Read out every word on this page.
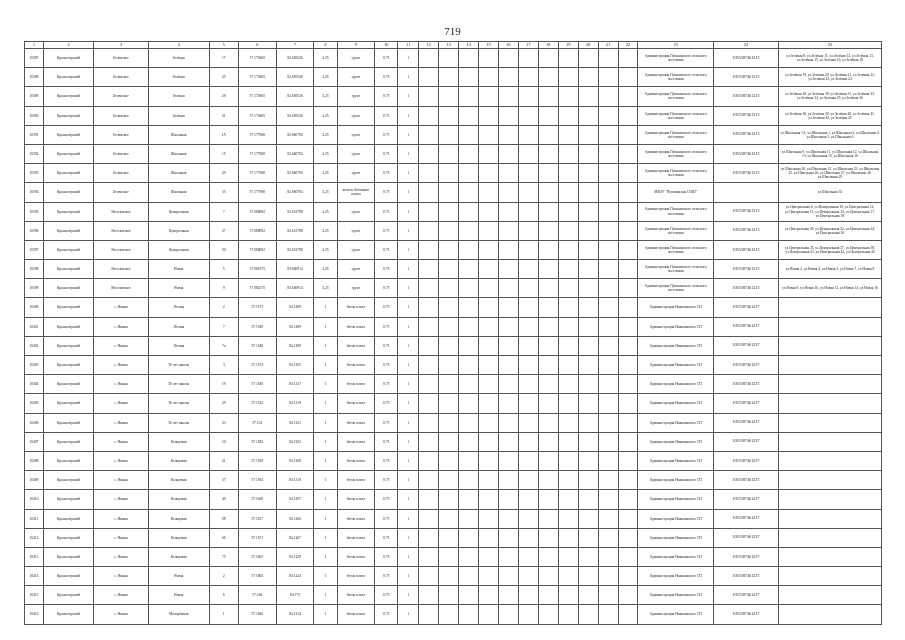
719
1	2	3	4	5	6	7	8	9	10	11	12	13	14	15	16	17	18	19	20	21	22	23	24	25
10387	Краснозерский	Беленское	Зелёная	17	57.173665	82.656526	2.25	грунт	0.75	1												Администрация Пушкинского сельского поселения	1055307461215	ул.Зелёная 8, ул.Зелёная 11, ул.Зелёная 12, ул.Зелёная 13, ул.Зелёная 15, ул.Зелёная 16, ул.Зелёная 18
10388	Краснозерский	Беленское	Зелёная	25	57.173665	82.650526	2.25	грунт	0.75	1												Администрация Пушкинского сельского поселения	1055307461215	ул.Зелёная 19, ул.Зелёная 20, ул.Зелёная 21, ул.Зелёная 22, ул.Зелёная 23, ул.Зелёная 24
10389	Краснозерский	Беленское	Зелёная	28	57.173665	82.650526	2.25	грунт	0.75	1												Администрация Пушкинского сельского поселения	1055307461215	ул.Зелёная 28, ул.Зелёная 30, ул.Зелёная 31, ул.Зелёная 33, ул.Зелёная 34, ул.Зелёная 35, ул.Зелёная 36
10390	Краснозерский	Беленское	Зелёная	31	57.173665	82.650526	2.25	грунт	0.75	1												Администрация Пушкинского сельского поселения	1055307461215	ул.Зелёная 38, ул.Зелёная 39, ул.Зелёная 40, ул.Зелёная 41, ул.Зелёная 43, ул.Зелёная 45
10391	Краснозерский	Беленское	Школьная	1А	57.177968	82.660784	2.25	грунт	0.75	1												Администрация Пушкинского сельского поселения	1055307461215	ул.Школьная 1А, ул.Школьная 1, ул.Школьная 2, ул.Школьная 4, ул.Школьная 5, ул.Школьная 6
10392	Краснозерский	Беленское	Школьная	15	57.177968	82.660784	2.25	грунт	0.75	1												Администрация Пушкинского сельского поселения	1055307461215	ул.Школьная 9, ул.Школьная 11, ул.Школьная 12, ул.Школьная 13, ул.Школьная 15, ул.Школьная 16
10393	Краснозерский	Беленское	Школьная	29	57.177968	82.660784	2.25	грунт	0.75	1												Администрация Пушкинского сельского поселения	1055307461215	ул.Школьная 20, ул.Школьная 21, ул.Школьная 23, ул.Школьная 25, ул.Школьная 26, ул.Школьная 27, ул.Школьная 28, ул.Школьная 29
10394	Краснозерский	Беленское	Школьная	35	57.177968	82.660784	2.25	железо-бетонные плиты	0.75	1												МБОУ "Пушкинская СОШ"		ул.Школьная 35
10395	Краснозерский	Веселовское	Центральная	7	57.080092	82.631788	2.25	грунт	0.75	1												Администрация Пушкинского сельского поселения	1055307461215	ул.Центральная 6, ул.Центральная 10, ул.Центральная 12, ул.Центральная 13, ул.Центральная 14, ул.Центральная 17, ул.Центральная 18
10396	Краснозерский	Веселовское	Центральная	27	57.080092	82.631788	2.25	грунт	0.75	1												Администрация Пушкинского сельского поселения	1055307461215	ул.Центральная 20, ул.Центральная 22, ул.Центральная 24, ул.Центральная 26
10397	Краснозерский	Веселовское	Центральная	50	57.080092	82.631788	2.25	грунт	0.75	1												Администрация Пушкинского сельского поселения	1055307461215	ул.Центральная 35, ул.Центральная 37, ул.Центральная 39, ул.Центральная 41, ул.Центральная 42, ул.Центральная 45
10398	Краснозерский	Веселовское	Новая	5	57.082375	83.640914	2.25	грунт	0.75	1												Администрация Пушкинского сельского поселения	1055307461215	ул.Новая 2, ул.Новая 4, ул.Новая 5, ул.Новая 7, ул.Новая 8
10399	Краснозерский	Веселовское	Новая	9	57.082375	83.640914	2.25	грунт	0.75	1												Администрация Пушкинского сельского поселения	1055307461215	ул.Новая 9, ул.Новая 10, ул.Новая 12, ул.Новая 14, ул.Новая 16
10400	Краснозерский	с. Нижка	Лесная	2	57.1573	84.1289	1	бетон плита	0.75	1												Администрация Нижкинского СП	1055307461237	
10401	Краснозерский	с. Нижка	Лесная	7	57.1549	84.1289	1	бетон плита	0.75	1												Администрация Нижкинского СП	1055307461237	
10402	Краснозерский	с. Нижка	Лесная	7а	57.1548	84.1289	1	бетон плита	0.75	1												Администрация Нижкинского СП	1055307461237	
10403	Краснозерский	с. Нижка	50 лет школы	3	57.1574	84.1305	1	бетон плита	0.75	1												Администрация Нижкинского СП	1055307461237	
10404	Краснозерский	с. Нижка	50 лет школы	19	57.1549	84.1317	1	бетон плита	0.75	1												Администрация Нижкинского СП	1055307461237	
10405	Краснозерский	с. Нижка	50 лет школы	29	57.1532	84.1319	1	бетон плита	0.75	1												Администрация Нижкинского СП	1055307461237	
10406	Краснозерский	с. Нижка	50 лет школы	33	57.152	84.1321	1	бетон плита	0.75	1												Администрация Нижкинского СП	1055307461237	
10407	Краснозерский	с. Нижка	Кольцевая	10	57.1582	84.1302	1	бетон плита	0.75	1												Администрация Нижкинского СП	1055307461237	
10408	Краснозерский	с. Нижка	Кольцевая	21	57.1539	84.1308	1	бетон плита	0.75	1												Администрация Нижкинского СП	1055307461237	
10409	Краснозерский	с. Нижка	Кольцевая	37	57.1582	84.1310	1	бетон плита	0.75	1												Администрация Нижкинского СП	1055307461237	
10410	Краснозерский	с. Нижка	Кольцевая	40	57.1630	84.1297	1	бетон плита	0.75	1												Администрация Нижкинского СП	1055307461237	
10411	Краснозерский	с. Нижка	Кольцевая	58	57.1617	84.1266	1	бетон плита	0.75	1												Администрация Нижкинского СП	1055307461237	
10412	Краснозерский	с. Нижка	Кольцевая	66	57.1671	84.1267	1	бетон плита	0.75	1												Администрация Нижкинского СП	1055307461237	
10413	Краснозерский	с. Нижка	Кольцевая	75	57.1603	84.1228	1	бетон плита	0.75	1												Администрация Нижкинского СП	1055307461237	
10414	Краснозерский	с. Нижка	Новая	2	57.1603	84.1224	1	бетон плита	0.75	1												Администрация Нижкинского СП	1055307461237	
10415	Краснозерский	с. Нижка	Новая	6	57.166	84.175	1	бетон плита	0.75	1												Администрация Нижкинского СП	1055307461237	
10416	Краснозерский	с. Нижка	Молодёжная	1	57.1626	84.1214	1	бетон плита	0.75	1												Администрация Нижкинского СП	1055307461237	
